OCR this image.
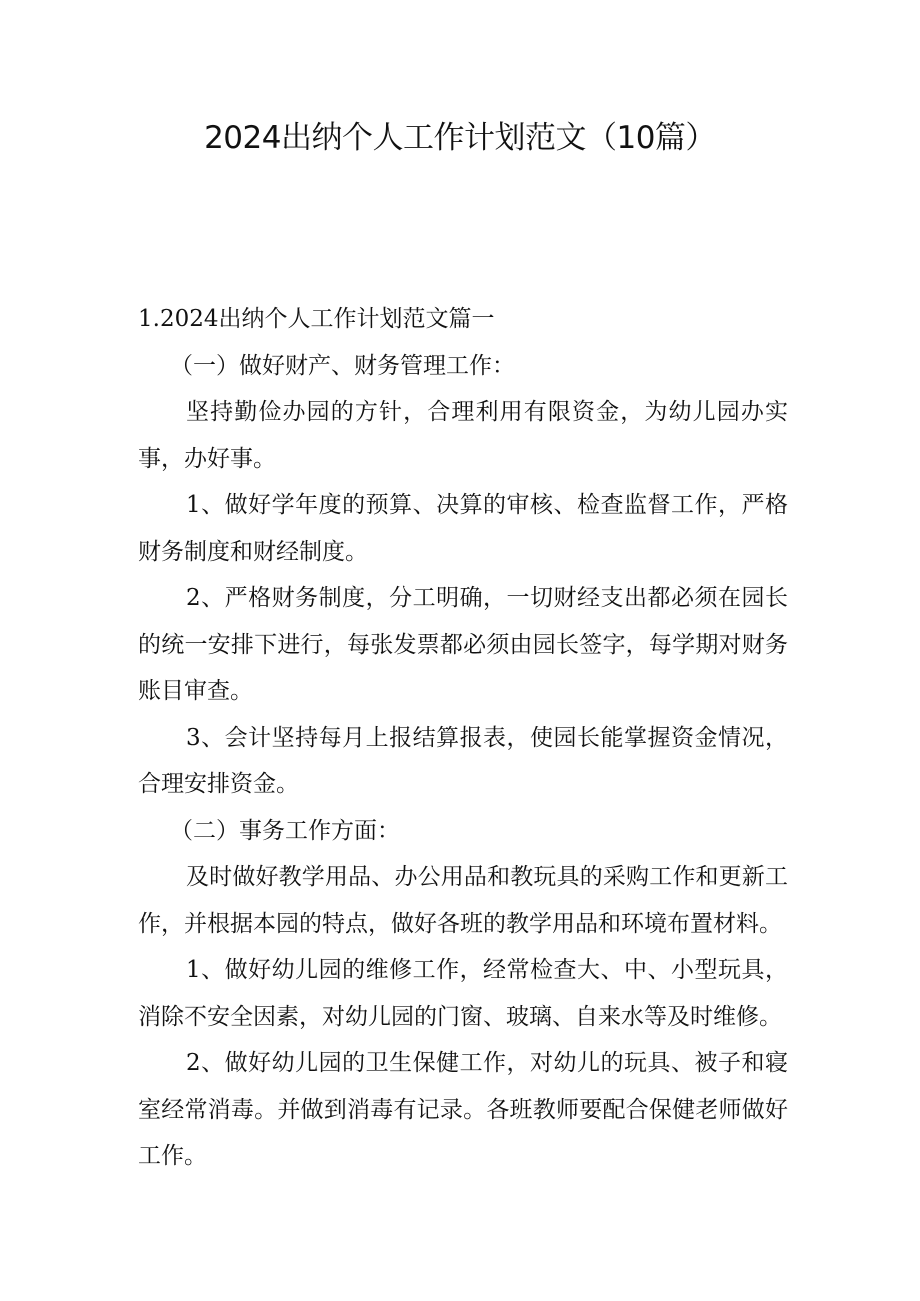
2024出纳个人工作计划范文（10篇）

1.2024出纳个人工作计划范文篇一

（一）做好财产、财务管理工作：

坚持勤俭办园的方针，合理利用有限资金，为幼儿园办实事，办好事。

1、做好学年度的预算、决算的审核、检查监督工作，严格财务制度和财经制度。

2、严格财务制度，分工明确，一切财经支出都必须在园长的统一安排下进行，每张发票都必须由园长签字，每学期对财务账目审查。

3、会计坚持每月上报结算报表，使园长能掌握资金情况，合理安排资金。

（二）事务工作方面：

及时做好教学用品、办公用品和教玩具的采购工作和更新工作，并根据本园的特点，做好各班的教学用品和环境布置材料。

1、做好幼儿园的维修工作，经常检查大、中、小型玩具，消除不安全因素，对幼儿园的门窗、玻璃、自来水等及时维修。

2、做好幼儿园的卫生保健工作，对幼儿的玩具、被子和寝室经常消毒。并做到消毒有记录。各班教师要配合保健老师做好工作。
